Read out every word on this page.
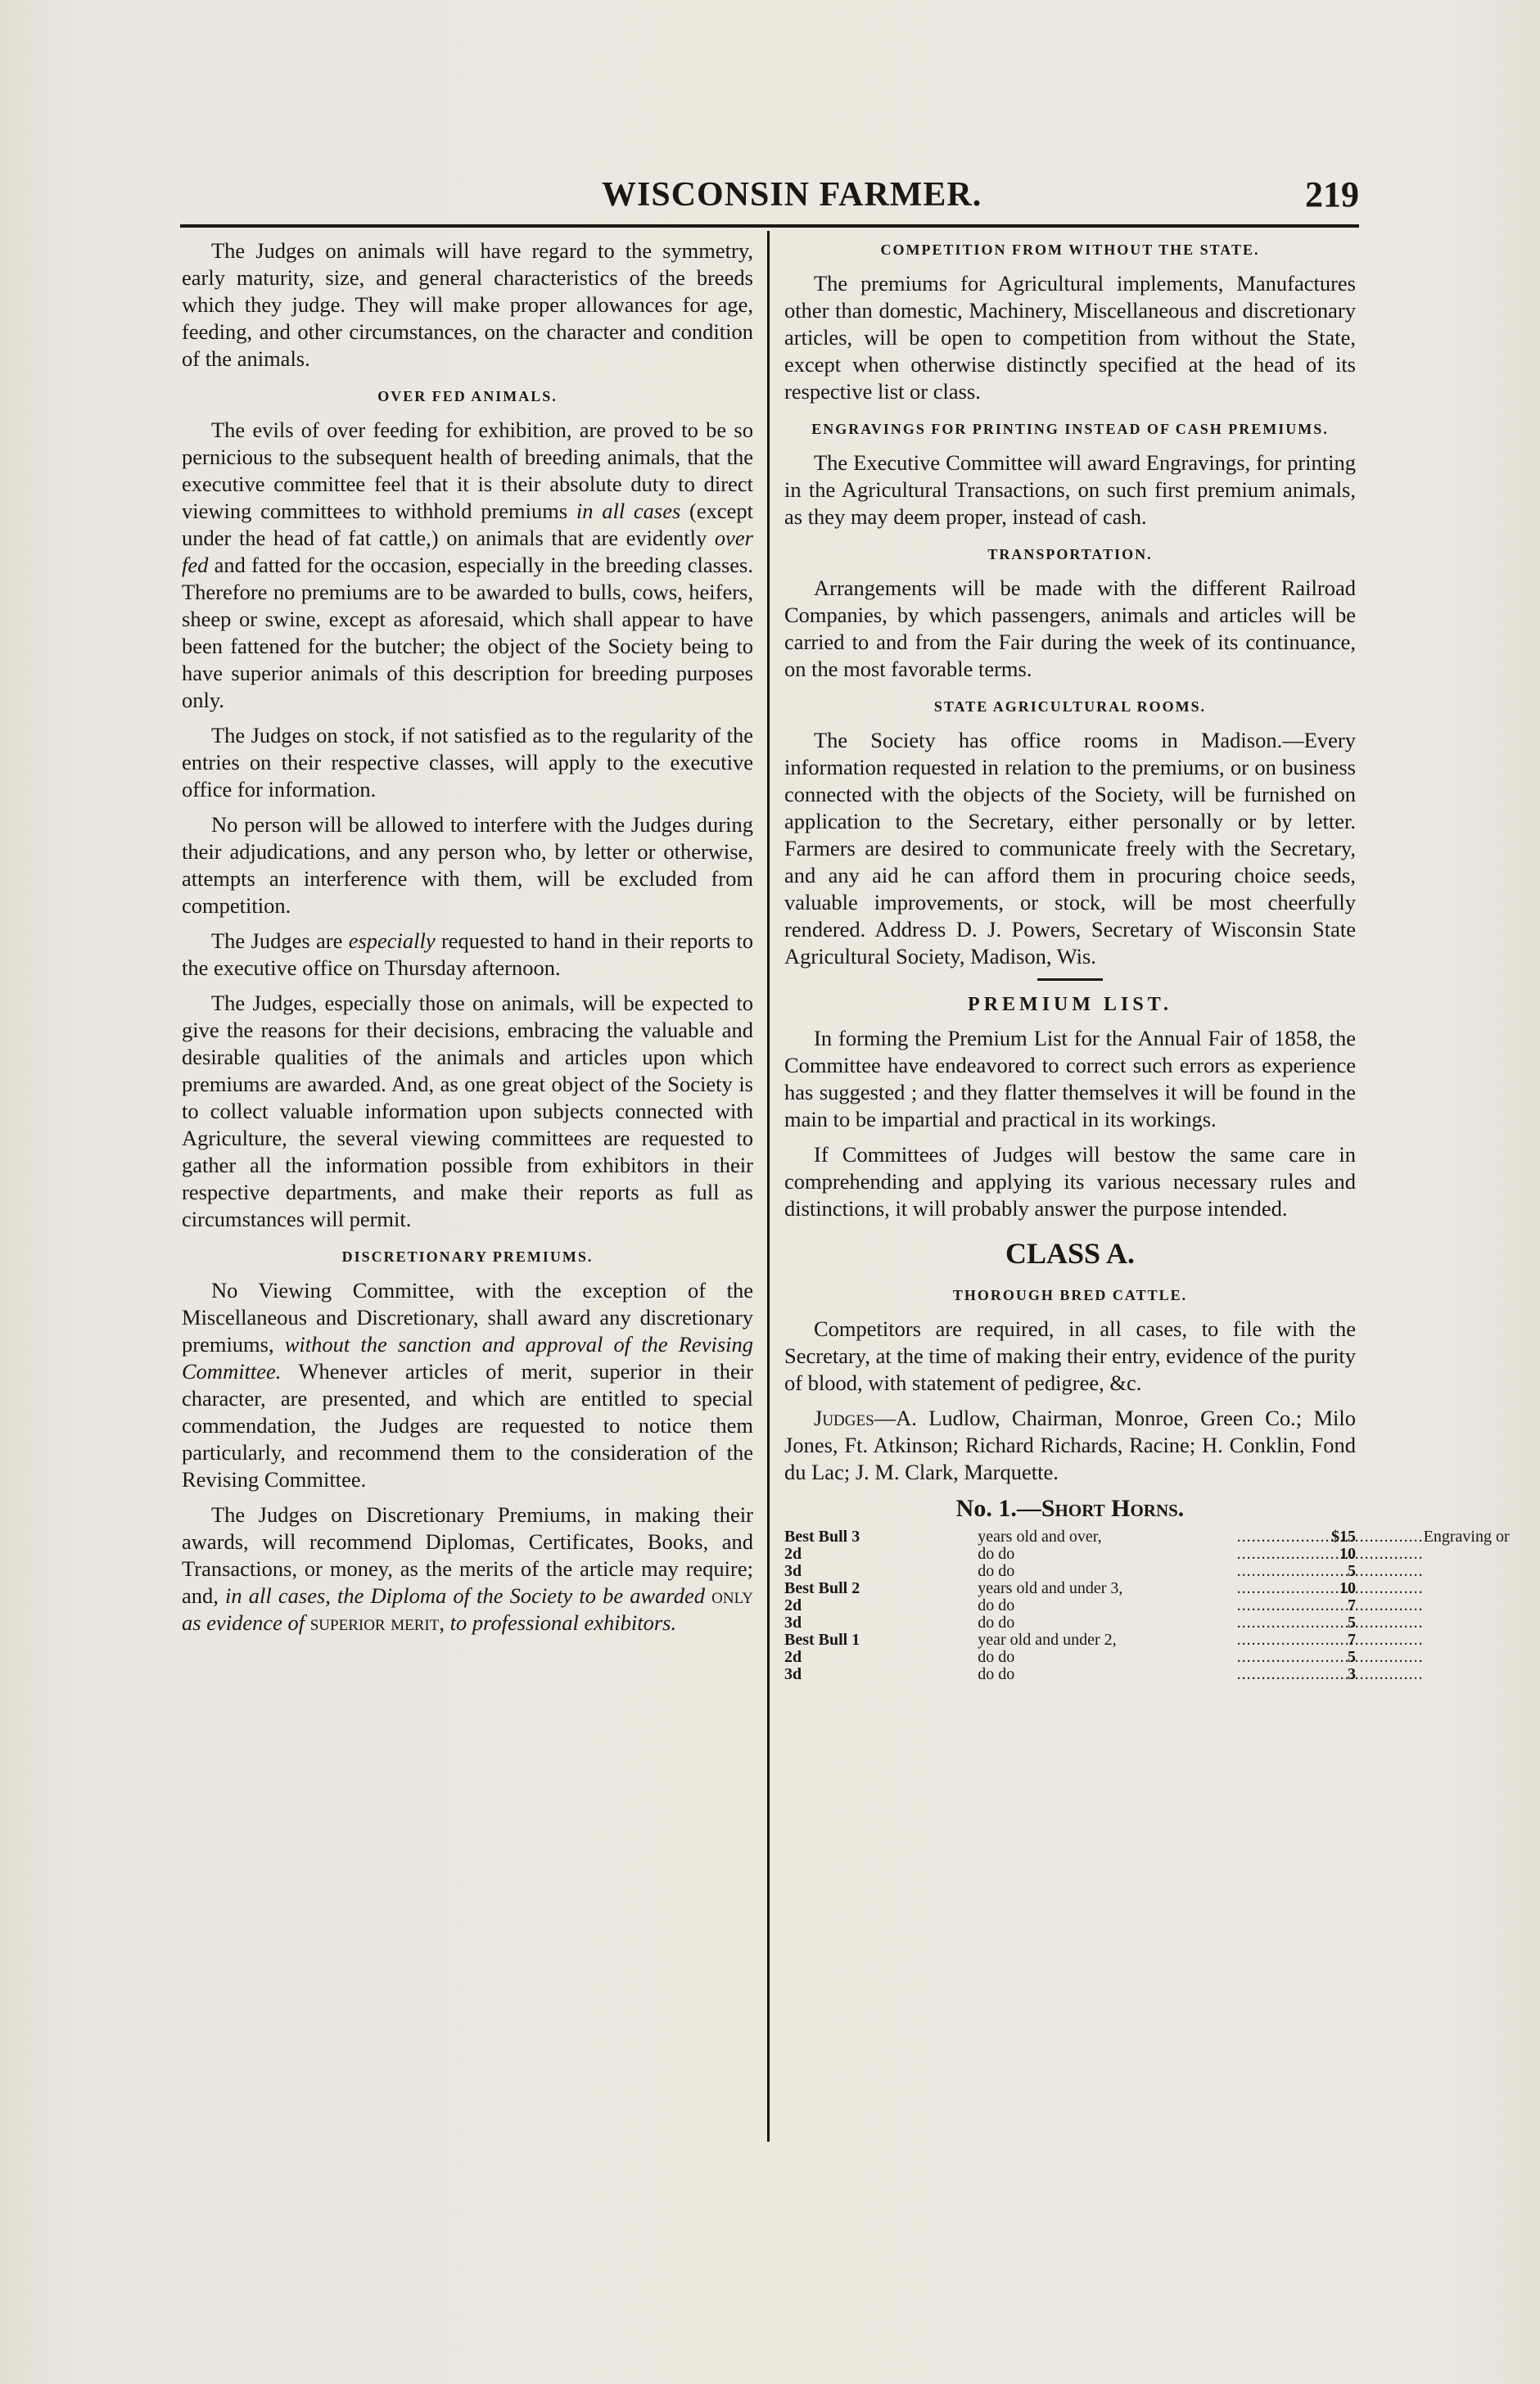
WISCONSIN FARMER.	219

The Judges on animals will have regard to the symmetry, early maturity, size, and general characteristics of the breeds which they judge. They will make proper allowances for age, feeding, and other circumstances, on the character and condition of the animals.

OVER FED ANIMALS.

The evils of over feeding for exhibition, are proved to be so pernicious to the subsequent health of breeding animals, that the executive committee feel that it is their absolute duty to direct viewing committees to withhold premiums in all cases (except under the head of fat cattle,) on animals that are evidently over fed and fatted for the occasion, especially in the breeding classes. Therefore no premiums are to be awarded to bulls, cows, heifers, sheep or swine, except as aforesaid, which shall appear to have been fattened for the butcher; the object of the Society being to have superior animals of this description for breeding purposes only.

The Judges on stock, if not satisfied as to the regularity of the entries on their respective classes, will apply to the executive office for information.

No person will be allowed to interfere with the Judges during their adjudications, and any person who, by letter or otherwise, attempts an interference with them, will be excluded from competition.

The Judges are especially requested to hand in their reports to the executive office on Thursday afternoon.

The Judges, especially those on animals, will be expected to give the reasons for their decisions, embracing the valuable and desirable qualities of the animals and articles upon which premiums are awarded. And, as one great object of the Society is to collect valuable information upon subjects connected with Agriculture, the several viewing committees are requested to gather all the information possible from exhibitors in their respective departments, and make their reports as full as circumstances will permit.

DISCRETIONARY PREMIUMS.

No Viewing Committee, with the exception of the Miscellaneous and Discretionary, shall award any discretionary premiums, without the sanction and approval of the Revising Committee. Whenever articles of merit, superior in their character, are presented, and which are entitled to special commendation, the Judges are requested to notice them particularly, and recommend them to the consideration of the Revising Committee.

The Judges on Discretionary Premiums, in making their awards, will recommend Diplomas, Certificates, Books, and Transactions, or money, as the merits of the article may require; and, in all cases, the Diploma of the Society to be awarded only as evidence of superior merit, to professional exhibitors.

COMPETITION FROM WITHOUT THE STATE.

The premiums for Agricultural implements, Manufactures other than domestic, Machinery, Miscellaneous and discretionary articles, will be open to competition from without the State, except when otherwise distinctly specified at the head of its respective list or class.

ENGRAVINGS FOR PRINTING INSTEAD OF CASH PREMIUMS.

The Executive Committee will award Engravings, for printing in the Agricultural Transactions, on such first premium animals, as they may deem proper, instead of cash.

TRANSPORTATION.

Arrangements will be made with the different Railroad Companies, by which passengers, animals and articles will be carried to and from the Fair during the week of its continuance, on the most favorable terms.

STATE AGRICULTURAL ROOMS.

The Society has office rooms in Madison.—Every information requested in relation to the premiums, or on business connected with the objects of the Society, will be furnished on application to the Secretary, either personally or by letter. Farmers are desired to communicate freely with the Secretary, and any aid he can afford them in procuring choice seeds, valuable improvements, or stock, will be most cheerfully rendered. Address D. J. Powers, Secretary of Wisconsin State Agricultural Society, Madison, Wis.

PREMIUM LIST.

In forming the Premium List for the Annual Fair of 1858, the Committee have endeavored to correct such errors as experience has suggested ; and they flatter themselves it will be found in the main to be impartial and practical in its workings.

If Committees of Judges will bestow the same care in comprehending and applying its various necessary rules and distinctions, it will probably answer the purpose intended.

CLASS A.
THOROUGH BRED CATTLE.

Competitors are required, in all cases, to file with the Secretary, at the time of making their entry, evidence of the purity of blood, with statement of pedigree, &c.

Judges—A. Ludlow, Chairman, Monroe, Green Co.; Milo Jones, Ft. Atkinson; Richard Richards, Racine; H. Conklin, Fond du Lac; J. M. Clark, Marquette.

No. 1.—Short Horns.
Best Bull 3	years old and over,	.....Engraving or	$15
2d	do do	.....	10
3d	do do	.....	5
Best Bull 2	years old and under 3,	.....	10
2d	do do	.....	7
3d	do do	.....	5
Best Bull 1	year old and under 2,	.....	7
2d	do do	.....	5
3d	do do	.....	3
